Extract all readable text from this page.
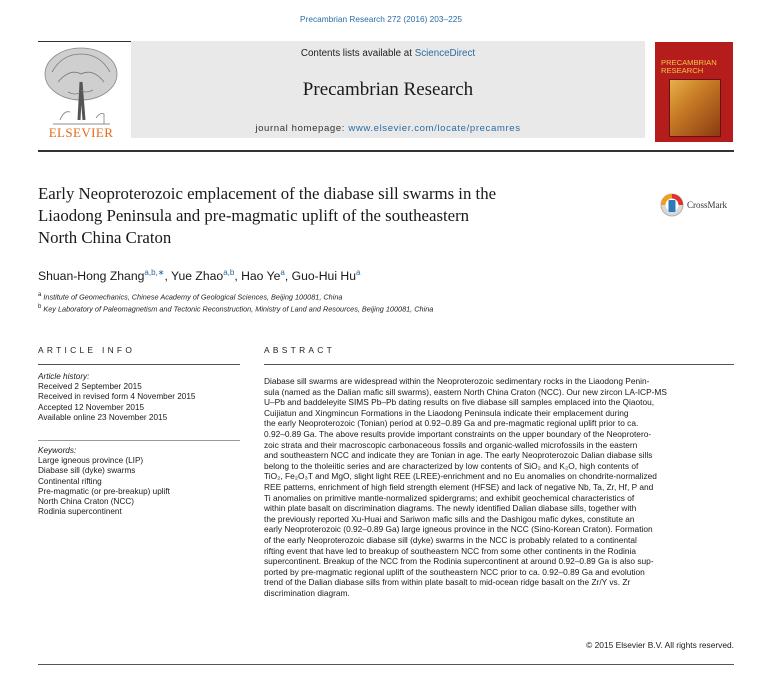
Precambrian Research 272 (2016) 203–225
ELSEVIER
Contents lists available at ScienceDirect
Precambrian Research
journal homepage: www.elsevier.com/locate/precamres
PRECAMBRIAN RESEARCH
Early Neoproterozoic emplacement of the diabase sill swarms in the
Liaodong Peninsula and pre-magmatic uplift of the southeastern
North China Craton
CrossMark
Shuan-Hong Zhang$^{a,b,∗}$, Yue Zhao$^{a,b}$, Hao Ye$^a$, Guo-Hui Hu$^a$
$^a$ Institute of Geomechanics, Chinese Academy of Geological Sciences, Beijing 100081, China
$^b$ Key Laboratory of Paleomagnetism and Tectonic Reconstruction, Ministry of Land and Resources, Beijing 100081, China
ARTICLE INFO	ABSTRACT
Article history:
Received 2 September 2015
Received in revised form 4 November 2015
Accepted 12 November 2015
Available online 23 November 2015
Keywords:
Large igneous province (LIP)
Diabase sill (dyke) swarms
Continental rifting
Pre-magmatic (or pre-breakup) uplift
North China Craton (NCC)
Rodinia supercontinent
Diabase sill swarms are widespread within the Neoproterozoic sedimentary rocks in the Liaodong Penin-
sula (named as the Dalian mafic sill swarms), eastern North China Craton (NCC). Our new zircon LA-ICP-MS
U–Pb and baddeleyite SIMS Pb–Pb dating results on five diabase sill samples emplaced into the Qiaotou,
Cuijiatun and Xingmincun Formations in the Liaodong Peninsula indicate their emplacement during
the early Neoproterozoic (Tonian) period at 0.92–0.89 Ga and pre-magmatic regional uplift prior to ca.
0.92–0.89 Ga. The above results provide important constraints on the upper boundary of the Neoprotero-
zoic strata and their macroscopic carbonaceous fossils and organic-walled microfossils in the eastern
and southeastern NCC and indicate they are Tonian in age. The early Neoproterozoic Dalian diabase sills
belong to the tholeiitic series and are characterized by low contents of SiO₂ and K₂O, high contents of
TiO₂, Fe₂O₃T and MgO, slight light REE (LREE)-enrichment and no Eu anomalies on chondrite-normalized
REE patterns, enrichment of high field strength element (HFSE) and lack of negative Nb, Ta, Zr, Hf, P and
Ti anomalies on primitive mantle-normalized spidergrams; and exhibit geochemical characteristics of
within plate basalt on discrimination diagrams. The newly identified Dalian diabase sills, together with
the previously reported Xu-Huai and Sariwon mafic sills and the Dashigou mafic dykes, constitute an
early Neoproterozoic (0.92–0.89 Ga) large igneous province in the NCC (Sino-Korean Craton). Formation
of the early Neoproterozoic diabase sill (dyke) swarms in the NCC is probably related to a continental
rifting event that have led to breakup of southeastern NCC from some other continents in the Rodinia
supercontinent. Breakup of the NCC from the Rodinia supercontinent at around 0.92–0.89 Ga is also sup-
ported by pre-magmatic regional uplift of the southeastern NCC prior to ca. 0.92–0.89 Ga and evolution
trend of the Dalian diabase sills from within plate basalt to mid-ocean ridge basalt on the Zr/Y vs. Zr
discrimination diagram.
© 2015 Elsevier B.V. All rights reserved.
